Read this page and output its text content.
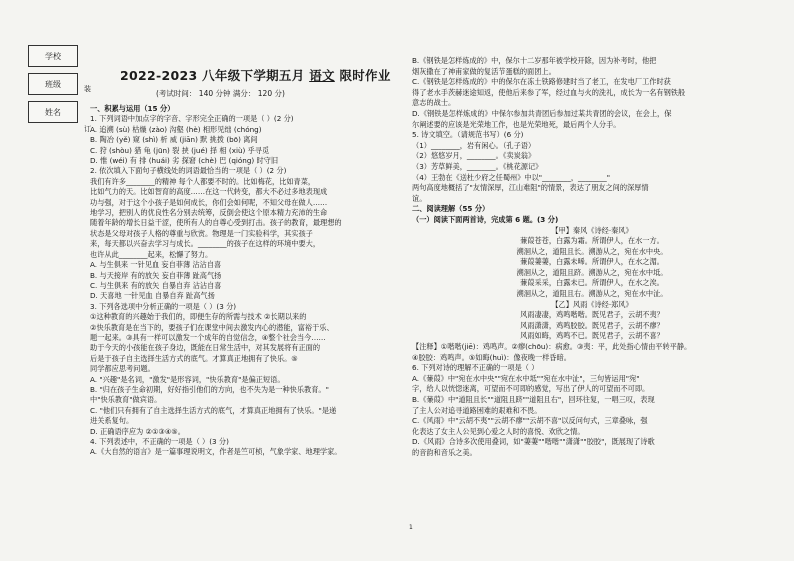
学校
班级
姓名
装
订
2022-2023 八年级下学期五月 语文 限时作业
(考试时间： 140 分钟 满分： 120 分)
一、积累与运用（15 分）
1. 下列词语中加点字的字音、字形完全正确的一项是（ ）(2 分)
A. 追溯 (sù) 枯燥 (zào) 沟壑 (hè) 相形见绌 (chóng)
B. 陶冶 (yě) 窥 (shì) 析 威 (jiān) 默 挑拨 (bō) 离间
C. 狩 (shòu) 猎 龟 (jūn) 裂 挟 (jué) 择 相 (xiù) 乎寻觅
D. 惟 (wéi) 有 排 (huái) 劣 探窘 (chè) 巴 (qióng) 时守旧
2. 依次填入下面句子横线处的词语最恰当的一项是（ ）(2 分)
我们有许多________的精神 每个人都要不时的。比如梅花，比如青菜，
比如气力的天。比如智育的高度……在这一代转变，都大不必过多地表现成
功与强，对于这个小孩子是如何成长，你们会如何呢，不知父母在做人……
地学习，把别人的优良性名分别去统筹，反倒会使这个原本精力充沛的生命
随着年龄的增长日益干涩，使所有人的自尊心受到打击。孩子的教育，最理想的
状态是父母对孩子人格的尊重与欣赏。物理是一门实验科学，其实孩子
来，每天都以兴奋去学习与成长。________的孩子在这样的环境中要大，
也许从此________起来，松懈了努力。
A. 与生俱来 一针见血 妄自菲薄 沾沾自喜
B. 与天接岸 有的放矢 妄自菲薄 趾高气扬
C. 与生俱来 有的放矢 自暴自弃 沾沾自喜
D. 天喜地 一针见血 自暴自弃 趾高气扬
3. 下列各选项中分析正确的一项是（ ）(3 分)
①这种教育的兴趣始于我们的，即便生存的所需与技术 ②长期以来的
②快乐教育是在当下的，要孩子们在课堂中间去激发内心的潜能，富裕于乐、
题一起来。③具有一样可以激发一个成年的自觉信念，④整个社会当今……
助于今天的小孩能在孩子身边，既能在日常生活中，对其发展将有正面的
后是于孩子自主选择生活方式的底气。才算真正地拥有了快乐。⑤
同学都应思考问题。
A. "兴趣"是名词，"激发"是形容词，"快乐教育"是偏正短语。
B. "归在孩子生命初期，好好指引他们的方向，也不失为是一种快乐教育。"
中"快乐教育"做宾语。
C. "他们只有拥有了自主选择生活方式的底气，才算真正地拥有了快乐。"是递
进关系复句。
D. 正确语序应为 ②①③④⑤。
4. 下列表述中，不正确的一项是（ ）(3 分)
A.《大自然的语言》是一篇事理说明文，作者是竺可桢，气象学家、地理学家。
B.《钢铁是怎样炼成的》中，保尔十二岁那年被学校开除，因为补考时，他把
烟灰撒在了神甫家做的复活节蛋糕的面团上。
C.《钢铁是怎样炼成的》中的保尔在冻土铁路修建时当了老工，在发电厂工作时获
得了老水手茨赫迷途知返，使他后来参了军，经过血与火的洗礼，成长为一名有钢铁般
意志的战士。
D.《钢铁是怎样炼成的》中保尔参加共青团后参加过某共青团的会议，在会上，保
尔阐述要的应该是光荣地工作，也是光荣地死，最后两个人分手。
5. 诗文填空。（请规范书写）(6 分)
（1）________，岩有闲心。（孔子语）
（2）悠悠岁月，________。《卖炭翁》
（3）芳草鲜美，________。《桃花源记》
（4）王勃在《送杜少府之任蜀州》中以"________，________"
两句高度地概括了"友情深厚，江山难阻"的情景，表达了朋友之间的深厚情
谊。
二、阅读理解（55 分）
（一）阅读下面两首诗，完成第 6 题。(3 分)
【甲】秦风《诗经·秦风》
蒹葭苍苍，白露为霜。所谓伊人，在水一方。
溯洄从之，道阻且长。溯游从之，宛在水中央。
蒹葭萋萋，白露未晞。所谓伊人，在水之湄。
溯洄从之，道阻且跻。溯游从之，宛在水中坻。
蒹葭采采，白露未已。所谓伊人，在水之涘。
溯洄从之，道阻且右。溯游从之，宛在水中沚。
【乙】风雨《诗经·郑风》
风雨凄凄，鸡鸣喈喈。既见君子，云胡不夷？
风雨潇潇，鸡鸣胶胶。既见君子，云胡不瘳？
风雨如晦，鸡鸣不已。既见君子，云胡不喜？
【注释】①喈喈(jiē)：鸡鸣声。②瘳(chōu)：病愈。③夷：平，此处指心情由平转平静。
④胶胶：鸡鸣声。⑤如晦(huì)：像夜晚一样昏暗。
6. 下列对诗的理解不正确的一项是（ ）
A.《蒹葭》中"宛在水中央""宛在水中坻""宛在水中沚"，三句皆运用"宛"
字，给人以恍惚迷离，可望而不可即的感觉，写出了伊人的可望而不可即。
B.《蒹葭》中"道阻且长""道阻且跻""道阻且右"，回环往复，一唱三叹，表现
了主人公对追寻道路困难的艰难和不畏。
C.《风雨》中"云胡不夷""云胡不瘳""云胡不喜"以反问句式，三章叠咏，强
化表达了女主人公见到心爱之人时的喜悦、欢欣之情。
D.《风雨》合诗多次使用叠词，如"萋萋""喈喈""潇潇""胶胶"，既展现了诗歌
的音韵和音乐之美。
1
